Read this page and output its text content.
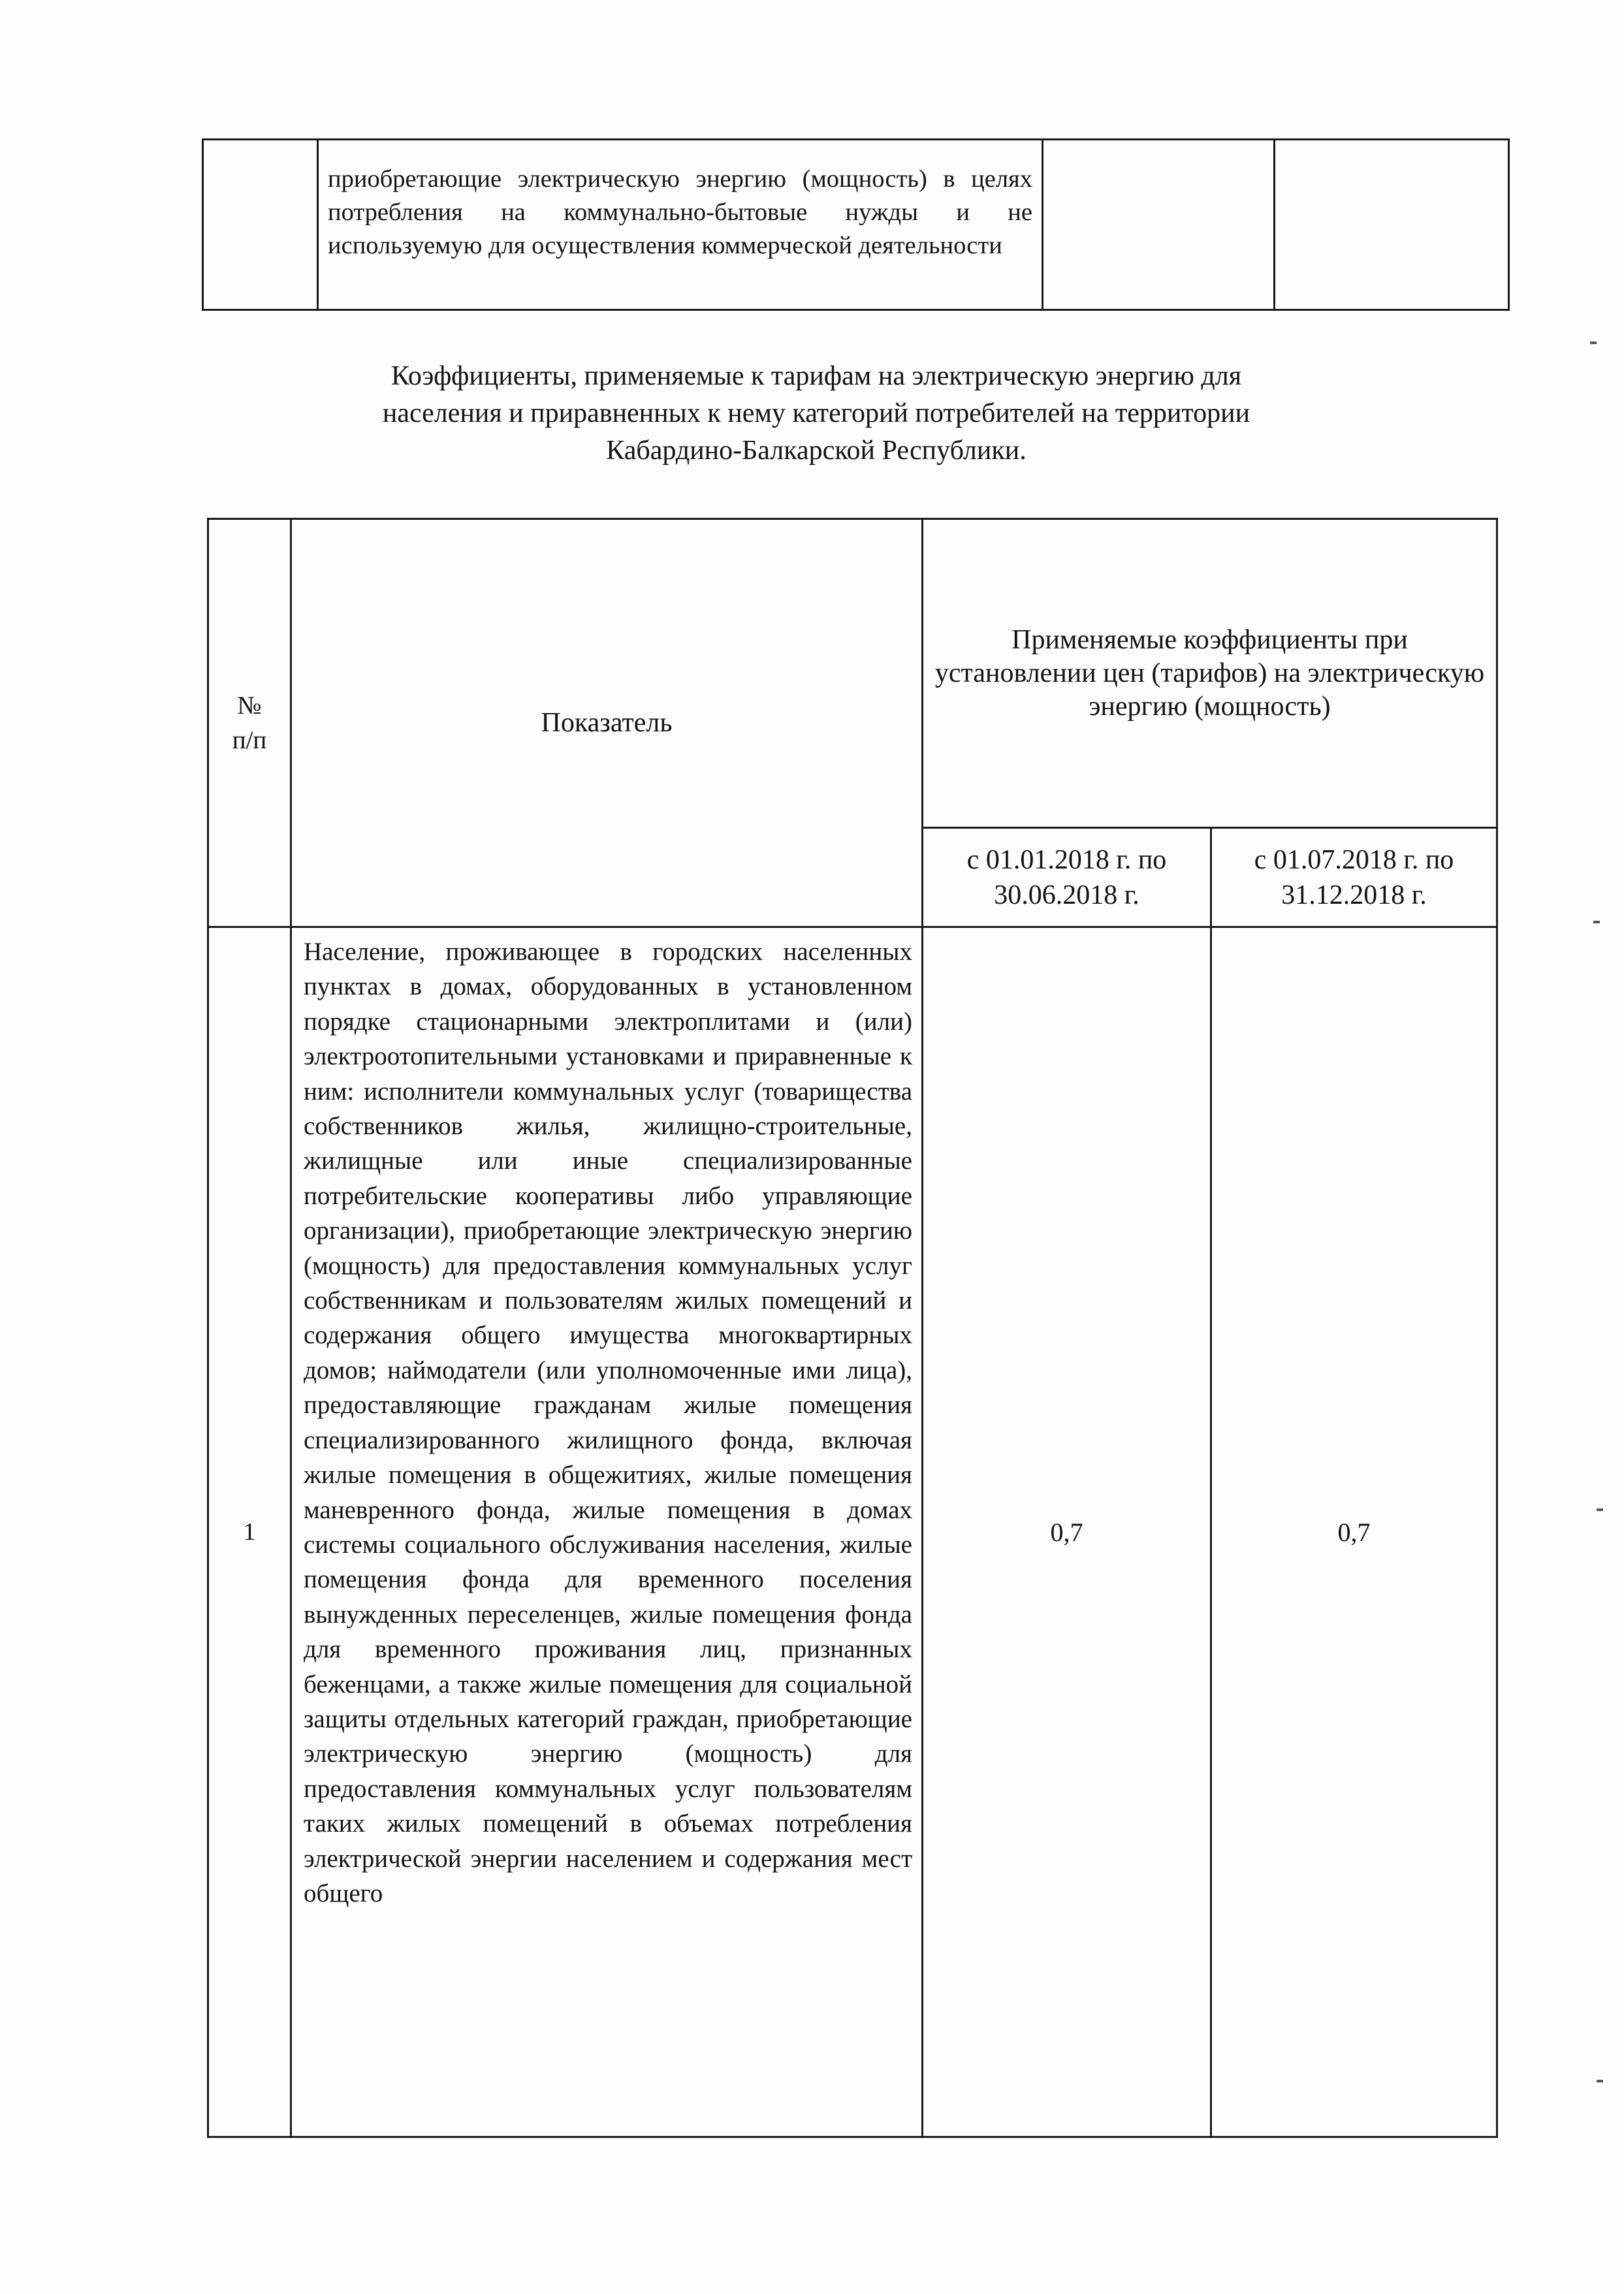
приобретающие электрическую энергию (мощность) в целях потребления на коммунально-бытовые нужды и не используемую для осуществления коммерческой деятельности

Коэффициенты, применяемые к тарифам на электрическую энергию для
населения и приравненных к нему категорий потребителей на территории
Кабардино-Балкарской Республики.
№ п/п	Показатель	Применяемые коэффициенты при установлении цен (тарифов) на электрическую энергию (мощность)	
		с 01.01.2018 г. по 30.06.2018 г.	с 01.07.2018 г. по 31.12.2018 г.
1	Население, проживающее в городских населенных пунктах в домах, оборудованных в установленном порядке стационарными электроплитами и (или) электроотопительными установками и приравненные к ним: исполнители коммунальных услуг (товарищества собственников жилья, жилищно-строительные, жилищные или иные специализированные потребительские кооперативы либо управляющие организации), приобретающие электрическую энергию (мощность) для предоставления коммунальных услуг собственникам и пользователям жилых помещений и содержания общего имущества многоквартирных домов; наймодатели (или уполномоченные ими лица), предоставляющие гражданам жилые помещения специализированного жилищного фонда, включая жилые помещения в общежитиях, жилые помещения маневренного фонда, жилые помещения в домах системы социального обслуживания населения, жилые помещения фонда для временного поселения вынужденных переселенцев, жилые помещения фонда для временного проживания лиц, признанных беженцами, а также жилые помещения для социальной защиты отдельных категорий граждан, приобретающие электрическую энергию (мощность) для предоставления коммунальных услуг пользователям таких жилых помещений в объемах потребления электрической энергии населением и содержания мест общего	0,7	0,7
